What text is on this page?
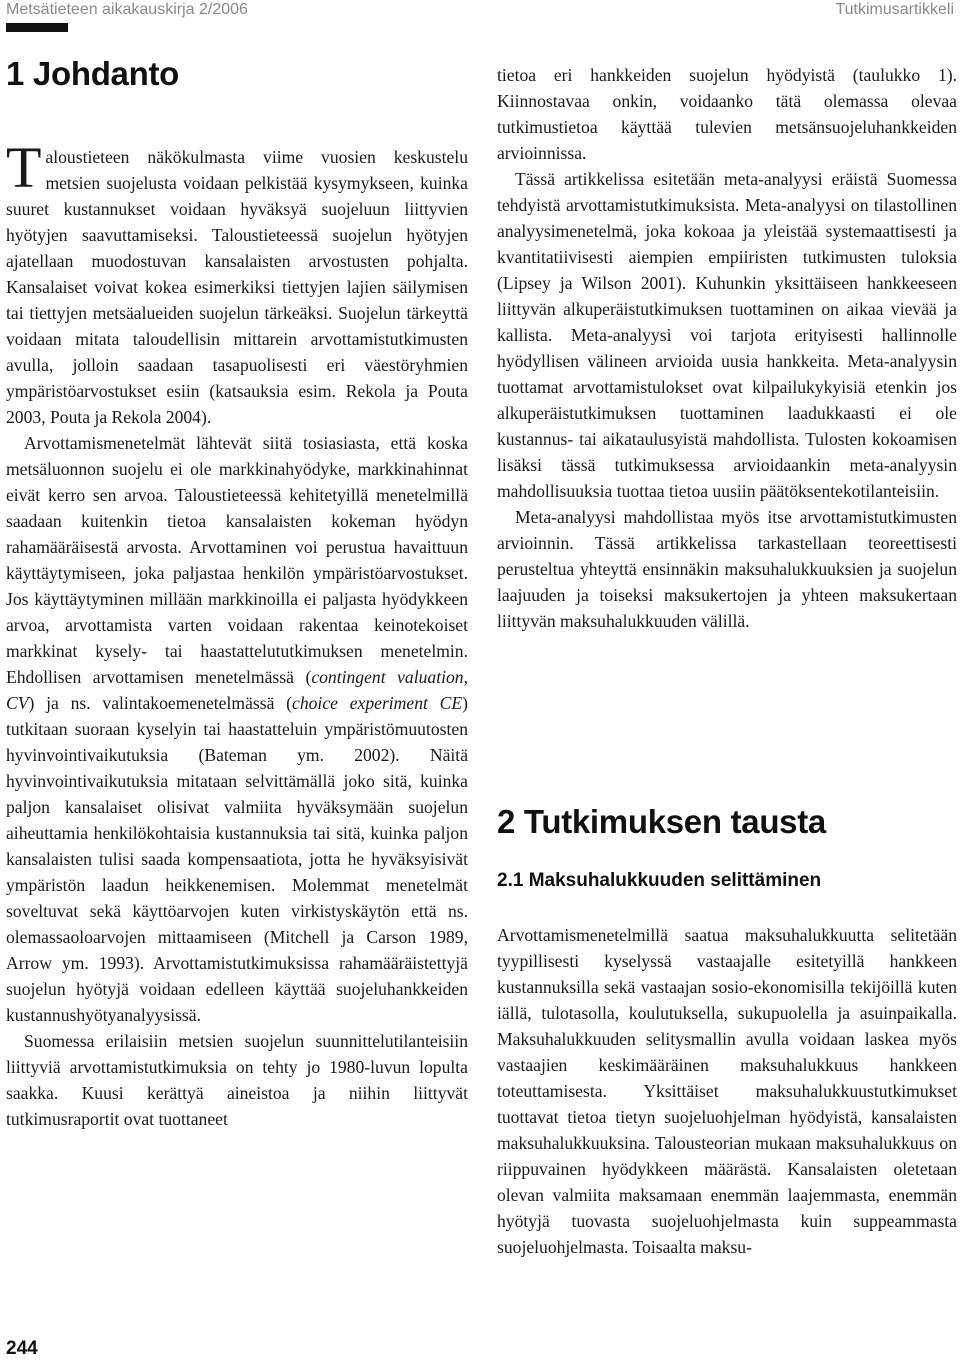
Metsätieteen aikakauskirja 2/2006	Tutkimusartikkeli
1 Johdanto

Taloustieteen näkökulmasta viime vuosien keskustelu metsien suojelusta voidaan pelkistää kysymykseen, kuinka suuret kustannukset voidaan hyväksyä suojeluun liittyvien hyötyjen saavuttamiseksi. Taloustieteessä suojelun hyötyjen ajatellaan muodostuvan kansalaisten arvostusten pohjalta. Kansalaiset voivat kokea esimerkiksi tiettyjen lajien säilymisen tai tiettyjen metsäalueiden suojelun tärkeäksi. Suojelun tärkeyttä voidaan mitata taloudellisin mittarein arvottamistutkimusten avulla, jolloin saadaan tasapuolisesti eri väestöryhmien ympäristöarvostukset esiin (katsauksia esim. Rekola ja Pouta 2003, Pouta ja Rekola 2004).

Arvottamismenetelmät lähtevät siitä tosiasiasta, että koska metsäluonnon suojelu ei ole markkinahyödyke, markkinahinnat eivät kerro sen arvoa. Taloustieteessä kehitetyillä menetelmillä saadaan kuitenkin tietoa kansalaisten kokeman hyödyn rahamääräisestä arvosta. Arvottaminen voi perustua havaittuun käyttäytymiseen, joka paljastaa henkilön ympäristöarvostukset. Jos käyttäytyminen millään markkinoilla ei paljasta hyödykkeen arvoa, arvottamista varten voidaan rakentaa keinotekoiset markkinat kysely- tai haastattelututkimuksen menetelmin. Ehdollisen arvottamisen menetelmässä (contingent valuation, CV) ja ns. valintakoemenetelmässä (choice experiment CE) tutkitaan suoraan kyselyin tai haastatteluin ympäristömuutosten hyvinvointivaikutuksia (Bateman ym. 2002). Näitä hyvinvointivaikutuksia mitataan selvittämällä joko sitä, kuinka paljon kansalaiset olisivat valmiita hyväksymään suojelun aiheuttamia henkilökohtaisia kustannuksia tai sitä, kuinka paljon kansalaisten tulisi saada kompensaatiota, jotta he hyväksyisivät ympäristön laadun heikkenemisen. Molemmat menetelmät soveltuvat sekä käyttöarvojen kuten virkistyskäytön että ns. olemassaoloarvojen mittaamiseen (Mitchell ja Carson 1989, Arrow ym. 1993). Arvottamistutkimuksissa rahamääräistettyjä suojelun hyötyjä voidaan edelleen käyttää suojeluhankkeiden kustannushyötyanalyysissä.

Suomessa erilaisiin metsien suojelun suunnittelutilanteisiin liittyviä arvottamistutkimuksia on tehty jo 1980-luvun lopulta saakka. Kuusi kerättyä aineistoa ja niihin liittyvät tutkimusraportit ovat tuottaneet

tietoa eri hankkeiden suojelun hyödyistä (taulukko 1). Kiinnostavaa onkin, voidaanko tätä olemassa olevaa tutkimustietoa käyttää tulevien metsänsuojeluhankkeiden arvioinnissa.

Tässä artikkelissa esitetään meta-analyysi eräistä Suomessa tehdyistä arvottamistutkimuksista. Meta-analyysi on tilastollinen analyysimenetelmä, joka kokoaa ja yleistää systemaattisesti ja kvantitatiivisesti aiempien empiiristen tutkimusten tuloksia (Lipsey ja Wilson 2001). Kuhunkin yksittäiseen hankkeeseen liittyvän alkuperäistutkimuksen tuottaminen on aikaa vievää ja kallista. Meta-analyysi voi tarjota erityisesti hallinnolle hyödyllisen välineen arvioida uusia hankkeita. Meta-analyysin tuottamat arvottamistulokset ovat kilpailukykyisiä etenkin jos alkuperäistutkimuksen tuottaminen laadukkaasti ei ole kustannus- tai aikataulusyistä mahdollista. Tulosten kokoamisen lisäksi tässä tutkimuksessa arvioidaankin meta-analyysin mahdollisuuksia tuottaa tietoa uusiin päätöksentekotilanteisiin.

Meta-analyysi mahdollistaa myös itse arvottamistutkimusten arvioinnin. Tässä artikkelissa tarkastellaan teoreettisesti perusteltua yhteyttä ensinnäkin maksuhalukkuuksien ja suojelun laajuuden ja toiseksi maksukertojen ja yhteen maksukertaan liittyvän maksuhalukkuuden välillä.

2 Tutkimuksen tausta
2.1 Maksuhalukkuuden selittäminen

Arvottamismenetelmillä saatua maksuhalukkuutta selitetään tyypillisesti kyselyssä vastaajalle esitetyillä hankkeen kustannuksilla sekä vastaajan sosio-ekonomisilla tekijöillä kuten iällä, tulotasolla, koulutuksella, sukupuolella ja asuinpaikalla. Maksuhalukkuuden selitysmallin avulla voidaan laskea myös vastaajien keskimääräinen maksuhalukkuus hankkeen toteuttamisesta. Yksittäiset maksuhalukkuustutkimukset tuottavat tietoa tietyn suojeluohjelman hyödyistä, kansalaisten maksuhalukkuuksina. Talousteorian mukaan maksuhalukkuus on riippuvainen hyödykkeen määrästä. Kansalaisten oletetaan olevan valmiita maksamaan enemmän laajemmasta, enemmän hyötyjä tuovasta suojeluohjelmasta kuin suppeammasta suojeluohjelmasta. Toisaalta maksu-

244
